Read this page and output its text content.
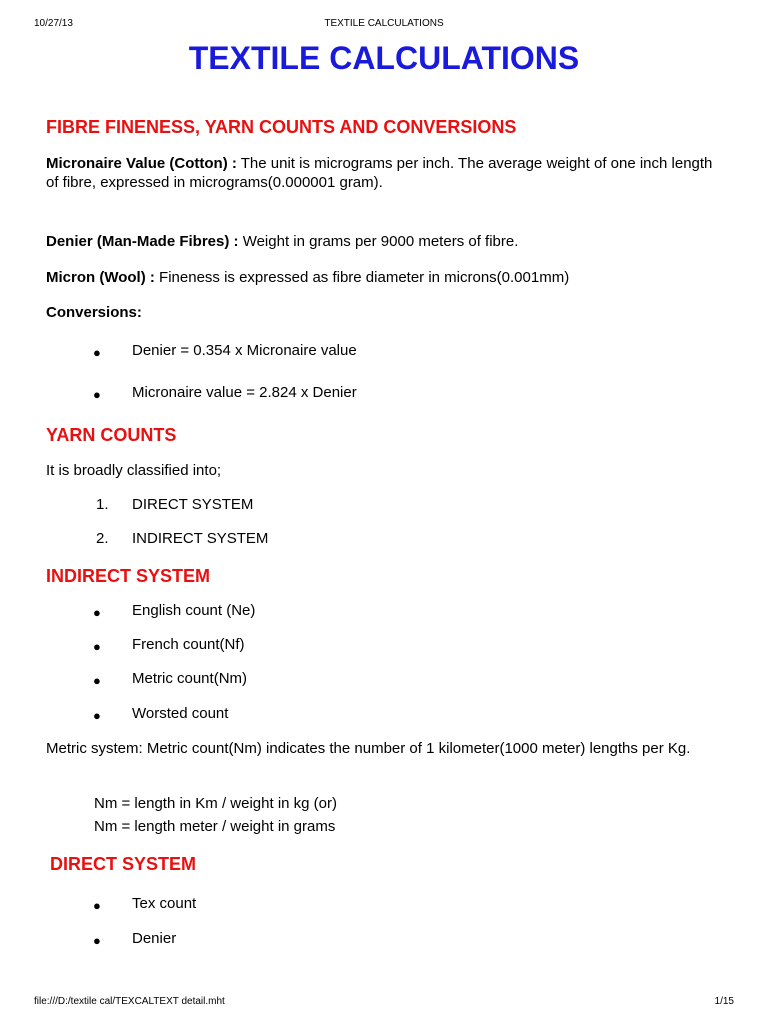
10/27/13	TEXTILE CALCULATIONS
TEXTILE CALCULATIONS
FIBRE FINENESS, YARN COUNTS AND CONVERSIONS
Micronaire Value (Cotton) : The unit is micrograms per inch. The average weight of one inch length of fibre, expressed in micrograms(0.000001 gram).
Denier (Man-Made Fibres) : Weight in grams per 9000 meters of fibre.
Micron (Wool) : Fineness is expressed as fibre diameter in microns(0.001mm)
Conversions:
● Denier = 0.354 x Micronaire value
● Micronaire value = 2.824 x Denier
YARN COUNTS
It is broadly classified into;
1. DIRECT SYSTEM
2. INDIRECT SYSTEM
INDIRECT SYSTEM
● English count (Ne)
● French count(Nf)
● Metric count(Nm)
● Worsted count
Metric system: Metric count(Nm) indicates the number of 1 kilometer(1000 meter) lengths per Kg.
Nm = length in Km / weight in kg (or)
Nm = length meter / weight in grams
DIRECT SYSTEM
● Tex count
● Denier
file:///D:/textile cal/TEXCALTEXT detail.mht	1/15
